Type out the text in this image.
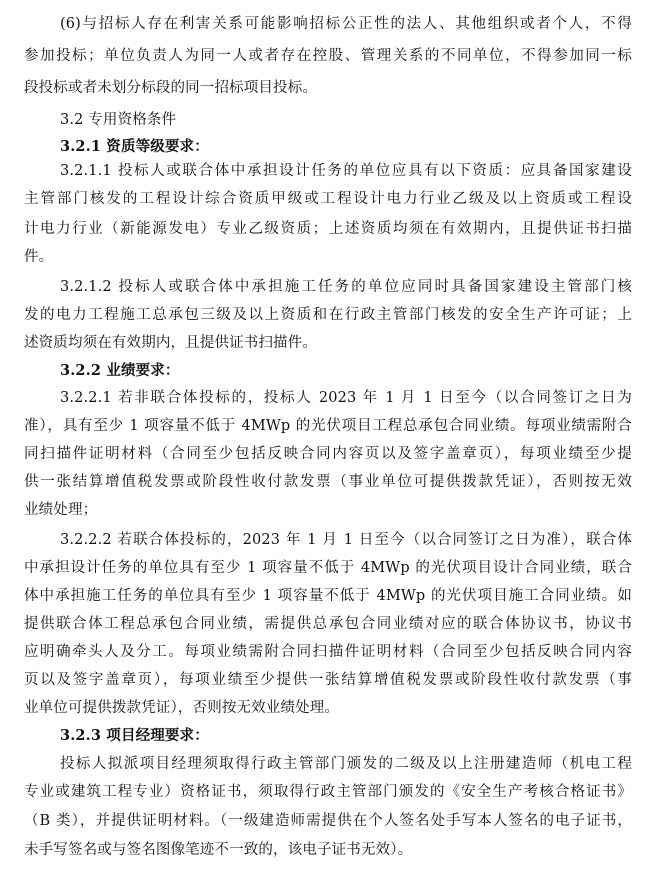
(6)与招标人存在利害关系可能影响招标公正性的法人、其他组织或者个人，不得
参加投标；单位负责人为同一人或者存在控股、管理关系的不同单位，不得参加同一标
段投标或者未划分标段的同一招标项目投标。
3.2 专用资格条件
3.2.1 资质等级要求：
3.2.1.1 投标人或联合体中承担设计任务的单位应具有以下资质：应具备国家建设
主管部门核发的工程设计综合资质甲级或工程设计电力行业乙级及以上资质或工程设
计电力行业（新能源发电）专业乙级资质；上述资质均须在有效期内，且提供证书扫描
件。
3.2.1.2 投标人或联合体中承担施工任务的单位应同时具备国家建设主管部门核
发的电力工程施工总承包三级及以上资质和在行政主管部门核发的安全生产许可证；上
述资质均须在有效期内，且提供证书扫描件。
3.2.2 业绩要求：
3.2.2.1 若非联合体投标的，投标人 2023 年 1 月 1 日至今（以合同签订之日为
准），具有至少 1 项容量不低于 4MWp 的光伏项目工程总承包合同业绩。每项业绩需附合
同扫描件证明材料（合同至少包括反映合同内容页以及签字盖章页），每项业绩至少提
供一张结算增值税发票或阶段性收付款发票（事业单位可提供拨款凭证），否则按无效
业绩处理；
3.2.2.2 若联合体投标的，2023 年 1 月 1 日至今（以合同签订之日为准），联合体
中承担设计任务的单位具有至少 1 项容量不低于 4MWp 的光伏项目设计合同业绩，联合
体中承担施工任务的单位具有至少 1 项容量不低于 4MWp 的光伏项目施工合同业绩。如
提供联合体工程总承包合同业绩，需提供总承包合同业绩对应的联合体协议书，协议书
应明确牵头人及分工。每项业绩需附合同扫描件证明材料（合同至少包括反映合同内容
页以及签字盖章页），每项业绩至少提供一张结算增值税发票或阶段性收付款发票（事
业单位可提供拨款凭证），否则按无效业绩处理。
3.2.3 项目经理要求：
投标人拟派项目经理须取得行政主管部门颁发的二级及以上注册建造师（机电工程
专业或建筑工程专业）资格证书，须取得行政主管部门颁发的《安全生产考核合格证书》
（B 类），并提供证明材料。（一级建造师需提供在个人签名处手写本人签名的电子证书，
未手写签名或与签名图像笔迹不一致的，该电子证书无效）。
